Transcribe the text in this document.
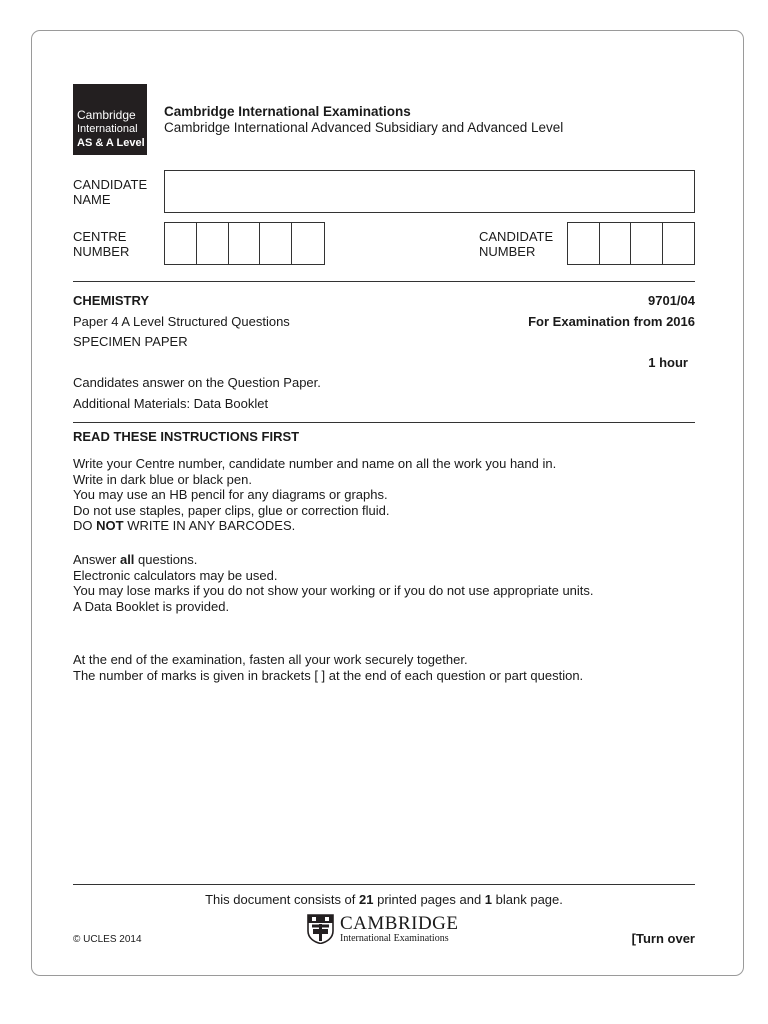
Cambridge
International
AS & A Level
Cambridge International Examinations
Cambridge International Advanced Subsidiary and Advanced Level
CANDIDATE
NAME
CENTRE
NUMBER
CANDIDATE
NUMBER
CHEMISTRY	9701/04
Paper 4 A Level Structured Questions	For Examination from 2016
SPECIMEN PAPER
1 hour
Candidates answer on the Question Paper.
Additional Materials: Data Booklet
READ THESE INSTRUCTIONS FIRST

Write your Centre number, candidate number and name on all the work you hand in.

Write in dark blue or black pen.

You may use an HB pencil for any diagrams or graphs.

Do not use staples, paper clips, glue or correction fluid.

DO NOT WRITE IN ANY BARCODES.

Answer all questions.

Electronic calculators may be used.

You may lose marks if you do not show your working or if you do not use appropriate units.

A Data Booklet is provided.

At the end of the examination, fasten all your work securely together.

The number of marks is given in brackets [ ] at the end of each question or part question.

This document consists of 21 printed pages and 1 blank page.
CAMBRIDGE
International Examinations
© UCLES 2014	[Turn over
